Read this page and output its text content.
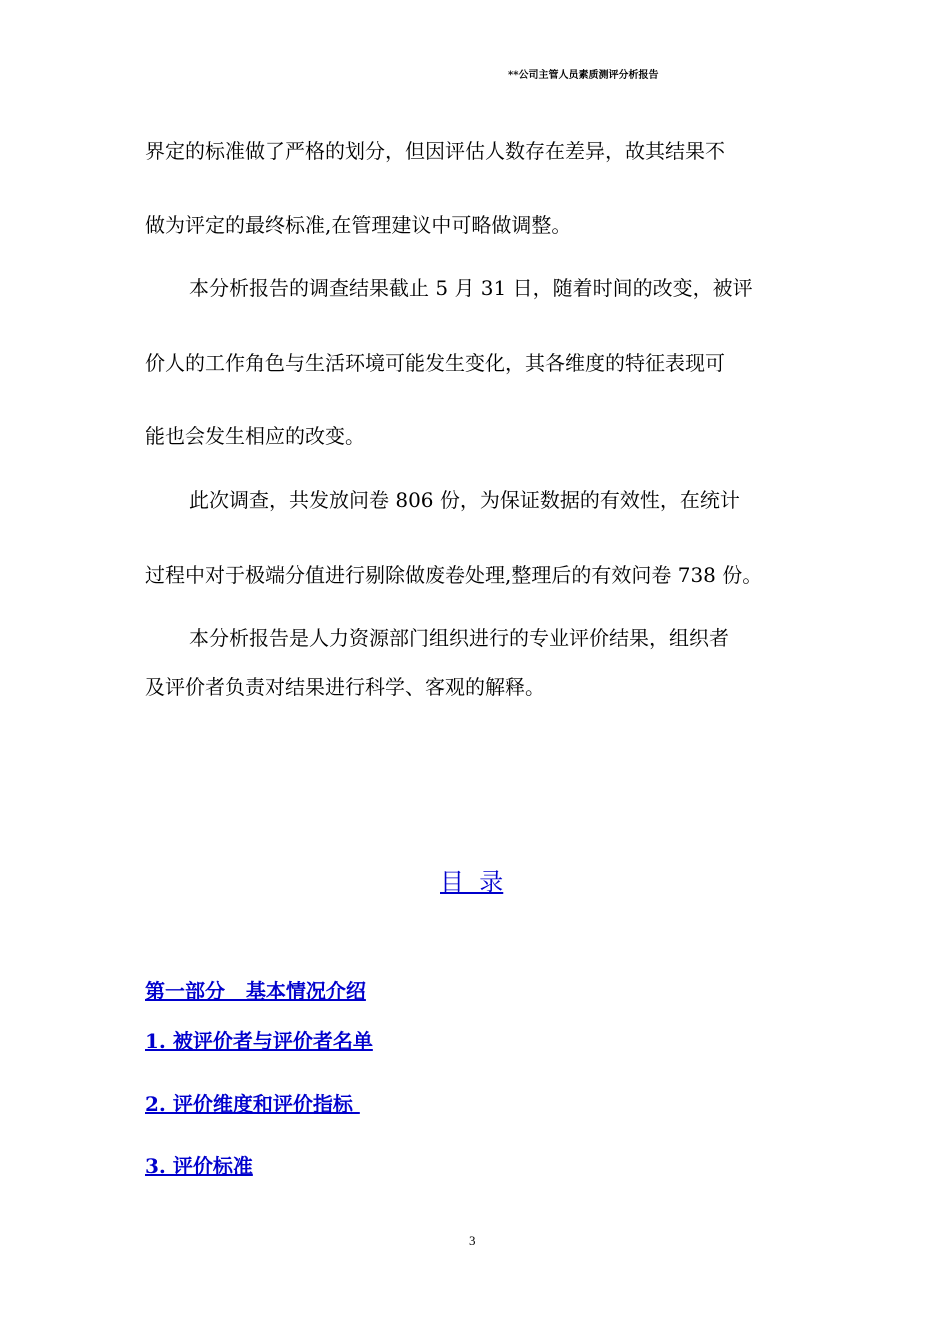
**公司主管人员素质测评分析报告
界定的标准做了严格的划分，但因评估人数存在差异，故其结果不
做为评定的最终标准,在管理建议中可略做调整。
本分析报告的调查结果截止 5 月 31 日，随着时间的改变，被评
价人的工作角色与生活环境可能发生变化，其各维度的特征表现可
能也会发生相应的改变。
此次调查，共发放问卷 806 份，为保证数据的有效性，在统计
过程中对于极端分值进行剔除做废卷处理,整理后的有效问卷 738 份。
本分析报告是人力资源部门组织进行的专业评价结果，组织者
及评价者负责对结果进行科学、客观的解释。
目  录
第一部分   基本情况介绍
1. 被评价者与评价者名单
2. 评价维度和评价指标
3. 评价标准
3
